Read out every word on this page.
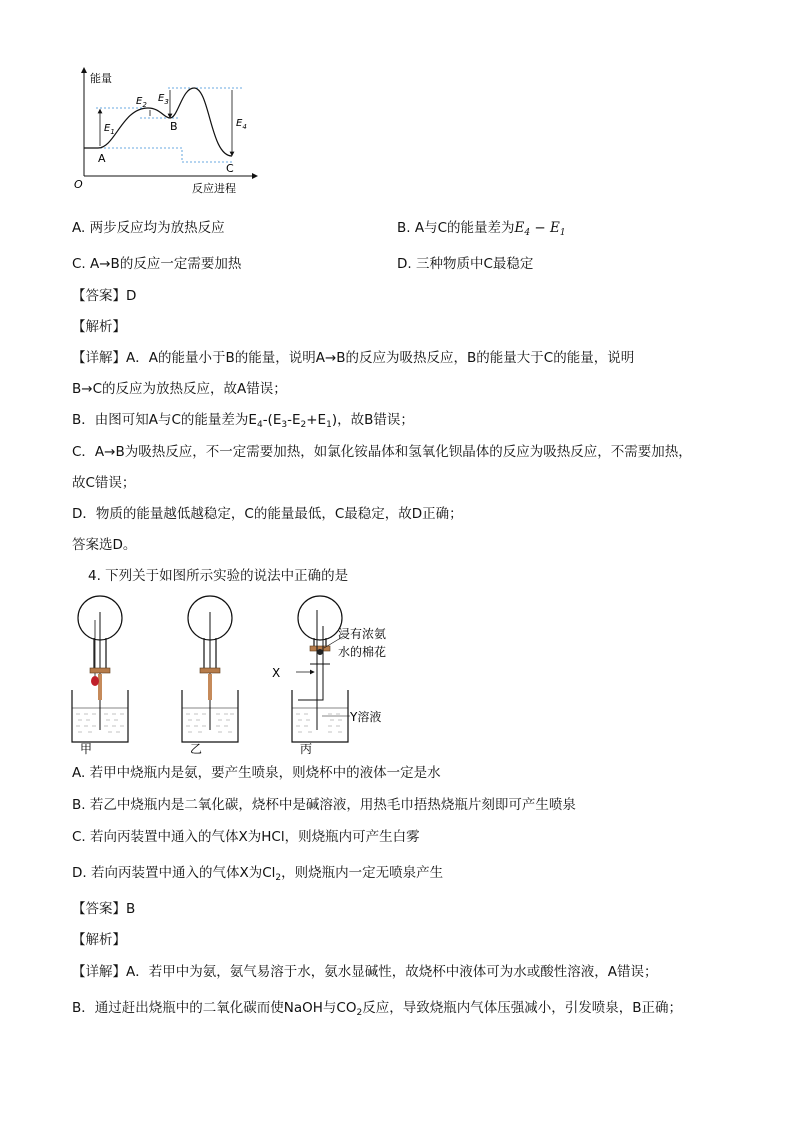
能量
反应进程
O
$E_1$
$E_2$
$E_3$
$E_4$
A
B
C
A. 两步反应均为放热反应	B. A与C的能量差为$E_4 - E_1$
C. A→B的反应一定需要加热	D. 三种物质中C最稳定
【答案】D
【解析】
【详解】A．A的能量小于B的能量，说明A→B的反应为吸热反应，B的能量大于C的能量，说明
B→C的反应为放热反应，故A错误；
B．由图可知A与C的能量差为$E_4-(E_3-E_2+E_1)$，故B错误；
C．A→B为吸热反应，不一定需要加热，如氯化铵晶体和氢氧化钡晶体的反应为吸热反应，不需要加热，
故C错误；
D．物质的能量越低越稳定，C的能量最低，C最稳定，故D正确；
答案选D。
4. 下列关于如图所示实验的说法中正确的是
甲	乙	丙
浸有浓氨
水的棉花
X
Y溶液
A. 若甲中烧瓶内是氨，要产生喷泉，则烧杯中的液体一定是水
B. 若乙中烧瓶内是二氧化碳，烧杯中是碱溶液，用热毛巾捂热烧瓶片刻即可产生喷泉
C. 若向丙装置中通入的气体X为HCl，则烧瓶内可产生白雾
D. 若向丙装置中通入的气体X为$Cl_2$，则烧瓶内一定无喷泉产生
【答案】B
【解析】
【详解】A．若甲中为氨，氨气易溶于水，氨水显碱性，故烧杯中液体可为水或酸性溶液，A错误；
B．通过赶出烧瓶中的二氧化碳而使NaOH与$CO_2$反应，导致烧瓶内气体压强减小，引发喷泉，B正确；
